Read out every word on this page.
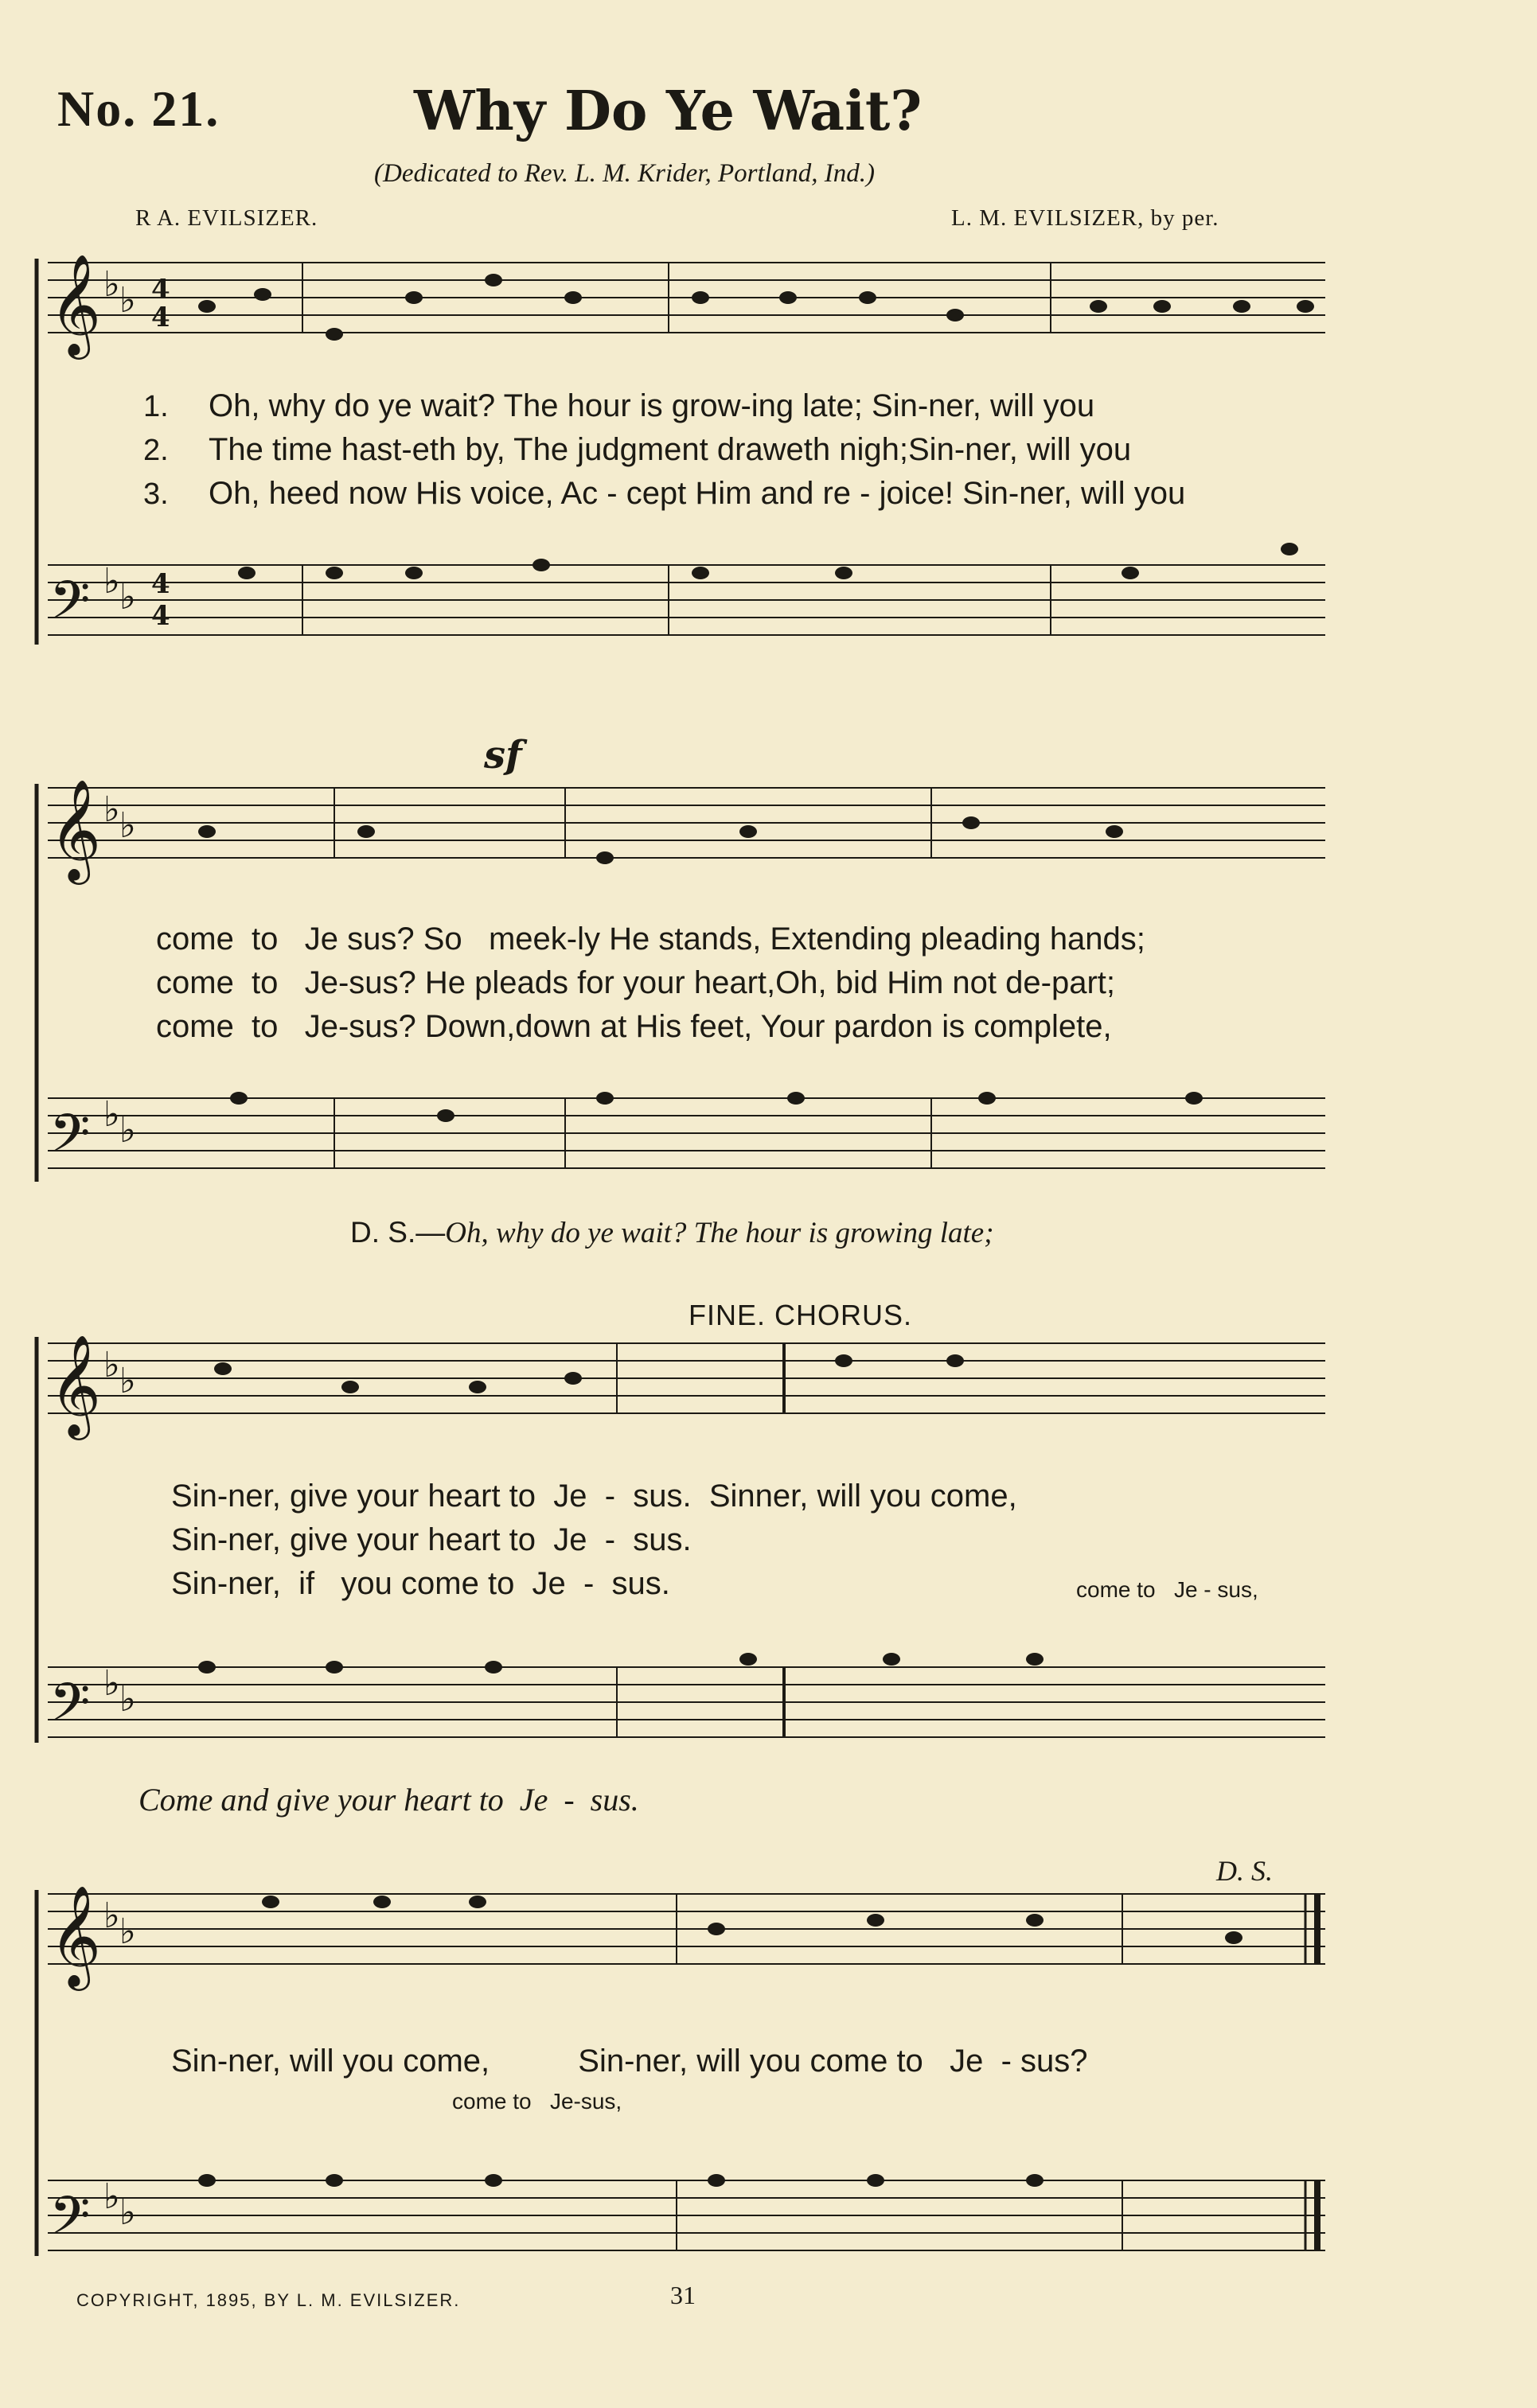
No. 21.	Why Do Ye Wait?
(Dedicated to Rev. L. M. Krider, Portland, Ind.)
R A. EVILSIZER.	L. M. EVILSIZER, by per.
𝄞 ♭ ♭ 4
4
𝄢 ♭ ♭ 4
4
𝄞 ♭ ♭
sf
𝄢 ♭ ♭
𝄞 ♭ ♭
𝄢 ♭ ♭
𝄞 ♭ ♭
𝄢 ♭ ♭
1.
2.
3.
Oh, why do ye wait? The hour is grow-ing late; Sin-ner, will you
The time hast-eth by, The judgment draweth nigh;Sin-ner, will you
Oh, heed now His voice, Ac - cept Him and re - joice! Sin-ner, will you
come  to   Je sus? So   meek-ly He stands, Extending pleading hands;
come  to   Je-sus? He pleads for your heart,Oh, bid Him not de-part;
come  to   Je-sus? Down,down at His feet, Your pardon is complete,
D. S.—Oh, why do ye wait? The hour is growing late;
FINE. CHORUS.
Sin-ner, give your heart to  Je  -  sus.  Sinner, will you come,
Sin-ner, give your heart to  Je  -  sus.
Sin-ner,  if   you come to  Je  -  sus.	come to   Je - sus,
Come and give your heart to  Je  -  sus.
D. S.
Sin-ner, will you come,          Sin-ner, will you come to   Je  - sus?
come to   Je-sus,
COPYRIGHT, 1895, BY L. M. EVILSIZER.	31
